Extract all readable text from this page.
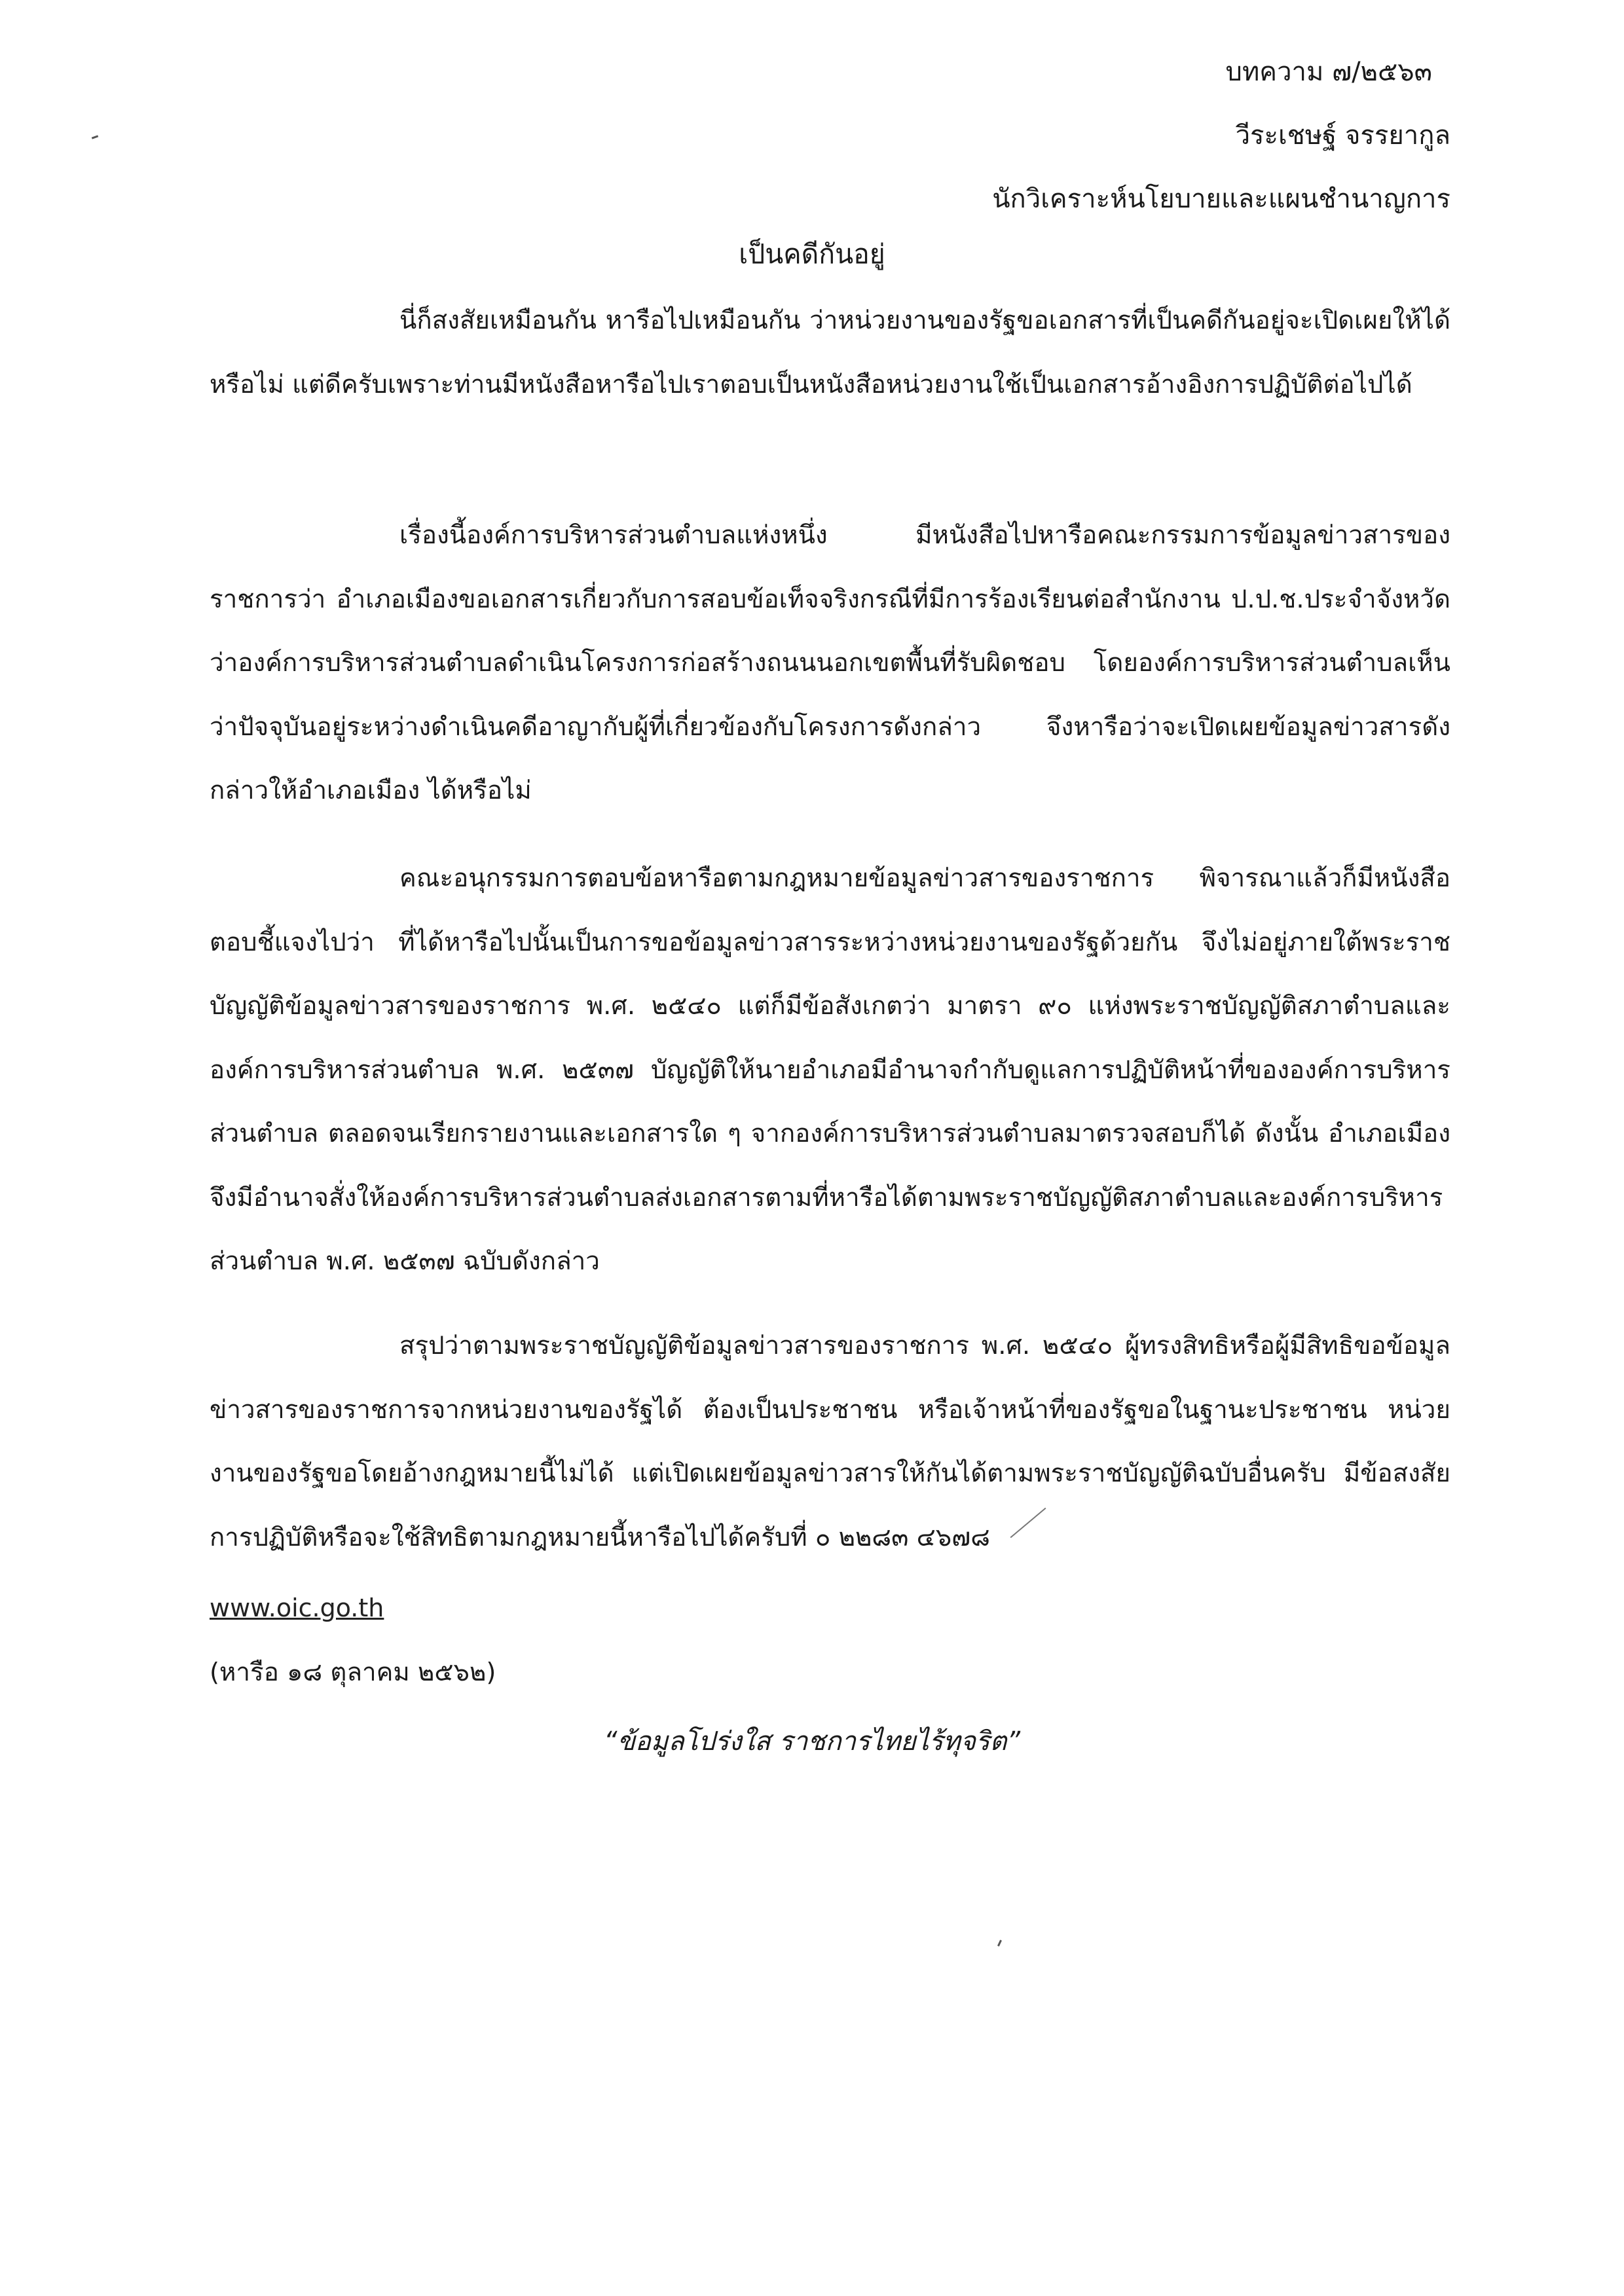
บทความ ๗/๒๕๖๓
วีระเชษฐ์ จรรยากูล
นักวิเคราะห์นโยบายและแผนชำนาญการ
เป็นคดีกันอยู่
นี่ก็สงสัยเหมือนกัน หารือไปเหมือนกัน ว่าหน่วยงานของรัฐขอเอกสารที่เป็นคดีกันอยู่จะเปิดเผยให้ได้หรือไม่ แต่ดีครับเพราะท่านมีหนังสือหารือไปเราตอบเป็นหนังสือหน่วยงานใช้เป็นเอกสารอ้างอิงการปฏิบัติต่อไปได้
เรื่องนี้องค์การบริหารส่วนตำบลแห่งหนึ่ง มีหนังสือไปหารือคณะกรรมการข้อมูลข่าวสารของราชการว่า อำเภอเมืองขอเอกสารเกี่ยวกับการสอบข้อเท็จจริงกรณีที่มีการร้องเรียนต่อสำนักงาน ป.ป.ช.ประจำจังหวัด ว่าองค์การบริหารส่วนตำบลดำเนินโครงการก่อสร้างถนนนอกเขตพื้นที่รับผิดชอบ โดยองค์การบริหารส่วนตำบลเห็นว่าปัจจุบันอยู่ระหว่างดำเนินคดีอาญากับผู้ที่เกี่ยวข้องกับโครงการดังกล่าว จึงหารือว่าจะเปิดเผยข้อมูลข่าวสารดังกล่าวให้อำเภอเมือง ได้หรือไม่
คณะอนุกรรมการตอบข้อหารือตามกฎหมายข้อมูลข่าวสารของราชการ พิจารณาแล้วก็มีหนังสือตอบชี้แจงไปว่า ที่ได้หารือไปนั้นเป็นการขอข้อมูลข่าวสารระหว่างหน่วยงานของรัฐด้วยกัน จึงไม่อยู่ภายใต้พระราชบัญญัติข้อมูลข่าวสารของราชการ พ.ศ. ๒๕๔๐ แต่ก็มีข้อสังเกตว่า มาตรา ๙๐ แห่งพระราชบัญญัติสภาตำบลและองค์การบริหารส่วนตำบล พ.ศ. ๒๕๓๗ บัญญัติให้นายอำเภอมีอำนาจกำกับดูแลการปฏิบัติหน้าที่ขององค์การบริหารส่วนตำบล ตลอดจนเรียกรายงานและเอกสารใด ๆ จากองค์การบริหารส่วนตำบลมาตรวจสอบก็ได้ ดังนั้น อำเภอเมืองจึงมีอำนาจสั่งให้องค์การบริหารส่วนตำบลส่งเอกสารตามที่หารือได้ตามพระราชบัญญัติสภาตำบลและองค์การบริหารส่วนตำบล พ.ศ. ๒๕๓๗ ฉบับดังกล่าว
สรุปว่าตามพระราชบัญญัติข้อมูลข่าวสารของราชการ พ.ศ. ๒๕๔๐ ผู้ทรงสิทธิหรือผู้มีสิทธิขอข้อมูลข่าวสารของราชการจากหน่วยงานของรัฐได้ ต้องเป็นประชาชน หรือเจ้าหน้าที่ของรัฐขอในฐานะประชาชน หน่วยงานของรัฐขอโดยอ้างกฎหมายนี้ไม่ได้ แต่เปิดเผยข้อมูลข่าวสารให้กันได้ตามพระราชบัญญัติฉบับอื่นครับ มีข้อสงสัยการปฏิบัติหรือจะใช้สิทธิตามกฎหมายนี้หารือไปได้ครับที่ ๐ ๒๒๘๓ ๔๖๗๘
www.oic.go.th
(หารือ ๑๘ ตุลาคม ๒๕๖๒)
“ข้อมูลโปร่งใส ราชการไทยไร้ทุจริต”
